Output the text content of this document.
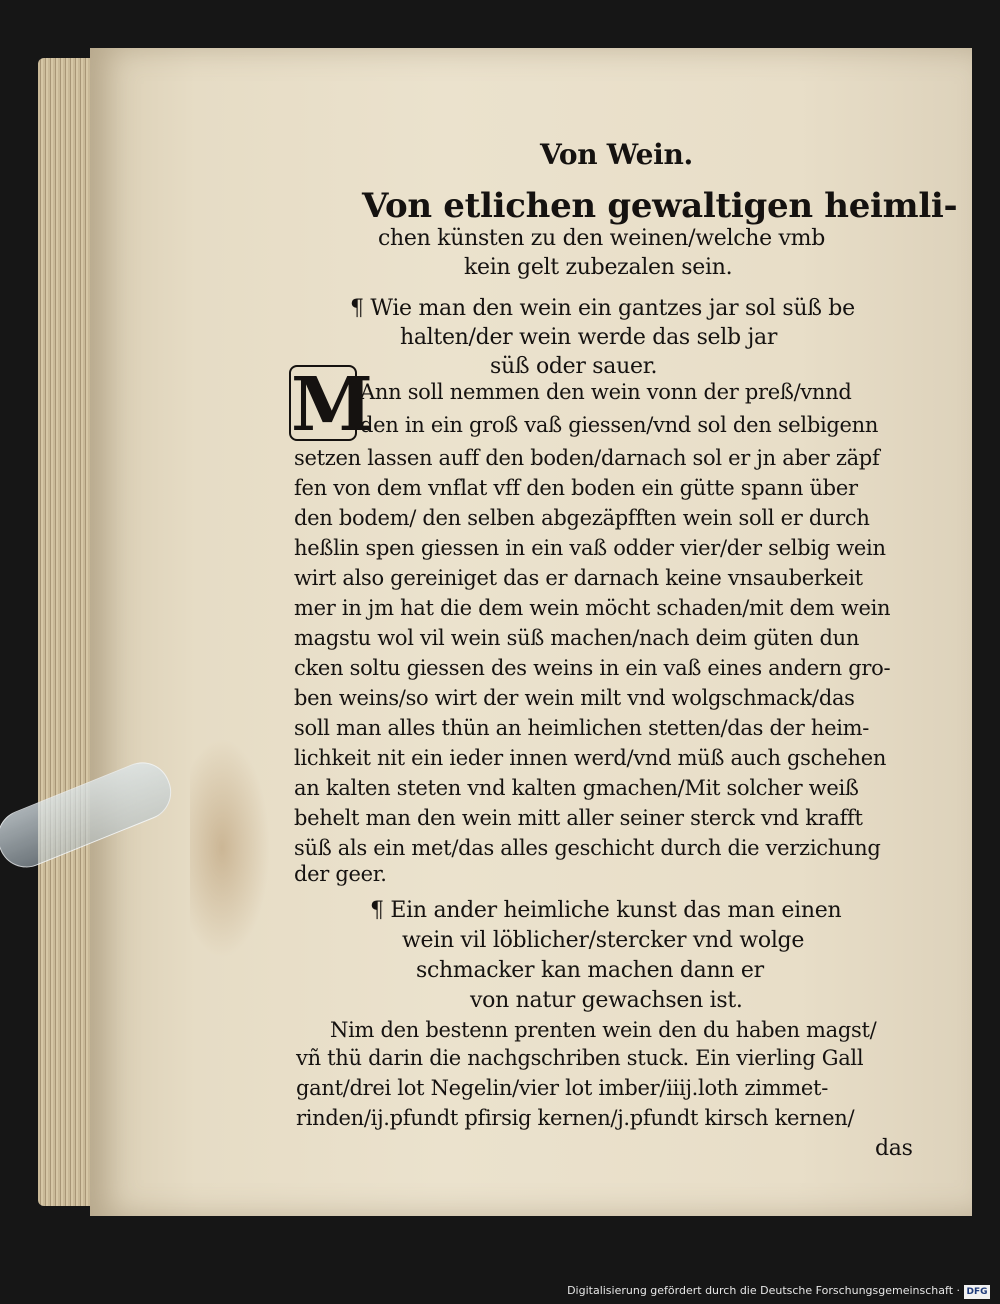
Von Wein.
Von etlichen gewaltigen heimli-
chen künsten zu den weinen/welche vmb
kein gelt zubezalen sein.
¶ Wie man den wein ein gantzes jar sol süß be
halten/der wein werde das selb jar
süß oder sauer.
M
Ann soll nemmen den wein vonn der preß/vnnd
den in ein groß vaß giessen/vnd sol den selbigenn
setzen lassen auff den boden/darnach sol er jn aber zäpf
fen von dem vnflat vff den boden ein gütte spann über
den bodem/ den selben abgezäpfften wein soll er durch
heßlin spen giessen in ein vaß odder vier/der selbig wein
wirt also gereiniget das er darnach keine vnsauberkeit
mer in jm hat die dem wein möcht schaden/mit dem wein
magstu wol vil wein süß machen/nach deim güten dun
cken soltu giessen des weins in ein vaß eines andern gro-
ben weins/so wirt der wein milt vnd wolgschmack/das
soll man alles thün an heimlichen stetten/das der heim-
lichkeit nit ein ieder innen werd/vnd müß auch gschehen
an kalten steten vnd kalten gmachen/Mit solcher weiß
behelt man den wein mitt aller seiner sterck vnd krafft
süß als ein met/das alles geschicht durch die verzichung
der geer.
¶ Ein ander heimliche kunst das man einen
wein vil löblicher/stercker vnd wolge
schmacker kan machen dann er
von natur gewachsen ist.
Nim den bestenn prenten wein den du haben magst/
vñ thü darin die nachgschriben stuck. Ein vierling Gall
gant/drei lot Negelin/vier lot imber/iiij.loth zimmet-
rinden/ij.pfundt pfirsig kernen/j.pfundt kirsch kernen/
das
Digitalisierung gefördert durch die Deutsche Forschungsgemeinschaft · DFG
